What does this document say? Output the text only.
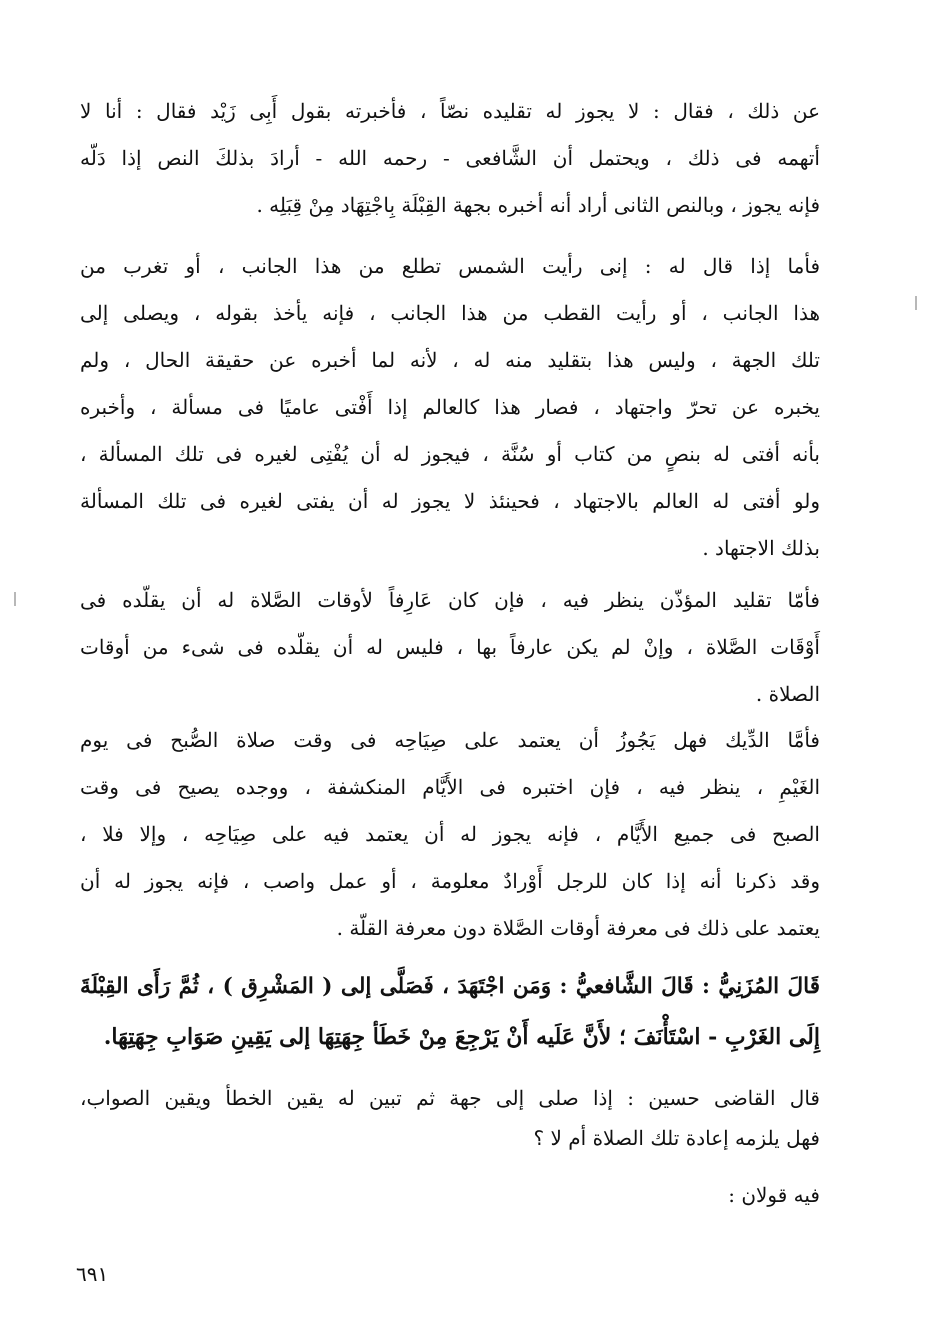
عن ذلك ، فقال : لا يجوز له تقليده نصّاً ، فأخبرته بقول أَبِى زَيْد فقال : أنا لا
أتهمه فى ذلك ، ويحتمل أن الشَّافعى - رحمه الله - أرادَ بذلكَ النص إذا دَلّه
فإنه يجوز ، وبالنص الثانى أراد أنه أخبره بجهة القِبْلَة بِاجْتِهَاد مِنْ قِبَلِه .
فأما إذا قال له : إنى رأيت الشمس تطلع من هذا الجانب ، أو تغرب من
هذا الجانب ، أو رأيت القطب من هذا الجانب ، فإنه يأخذ بقوله ، ويصلى إلى
تلك الجهة ، وليس هذا بتقليد منه له ، لأنه لما أخبره عن حقيقة الحال ، ولم
يخبره عن تحرّ واجتهاد ، فصار هذا كالعالم إذا أَفْتى عاميًا فى مسألة ، وأخبره
بأنه أفتى له بنصٍ من كتاب أو سُنَّة ، فيجوز له أن يُفْتِى لغيره فى تلك المسألة ،
ولو أفتى له العالم بالاجتهاد ، فحينئذ لا يجوز له أن يفتى لغيره فى تلك المسألة
بذلك الاجتهاد .
فأمّا تقليد المؤذّن ينظر فيه ، فإن كان عَارِفاً لأوقات الصَّلاة له أن يقلّده فى
أَوْقَات الصَّلاة ، وإنْ لم يكن عارفاً بها ، فليس له أن يقلّده فى شىء من أوقات
الصلاة .
فأمَّا الدِّيك فهل يَجُوزُ أن يعتمد على صِيَاحِه فى وقت صلاة الصُّبح فى يوم
الغَيْمِ ، ينظر فيه ، فإن اختبره فى الأَيَّام المنكشفة ، ووجده يصيح فى وقت
الصبح فى جميع الأَيَّام ، فإنه يجوز له أن يعتمد فيه على صِيَاحِه ، وإلا فلا ،
وقد ذكرنا أنه إذا كان للرجل أَوْرادٌ معلومة ، أو عمل واصب ، فإنه يجوز له أن
يعتمد على ذلك فى معرفة أوقات الصَّلاة دون معرفة القلّة .
قَالَ المُزَنِيُّ : قَالَ الشَّافعيُّ : وَمَن اجْتَهَدَ ، فَصَلَّى إلى ( المَشْرِق ) ، ثُمَّ رَأَى القِبْلَةَ
إِلَى الغَرْبِ - اسْتَأْنَفَ ؛ لأَنَّ عَلَيه أَنْ يَرْجِعَ مِنْ خَطَأ جِهَتِهَا إلى يَقِينِ صَوَابِ جِهَتِهَا.
قال القاضى حسين : إذا صلى إلى جهة ثم تبين له يقين الخطأ ويقين الصواب،
فهل يلزمه إعادة تلك الصلاة أم لا ؟
فيه قولان :
٦٩١
